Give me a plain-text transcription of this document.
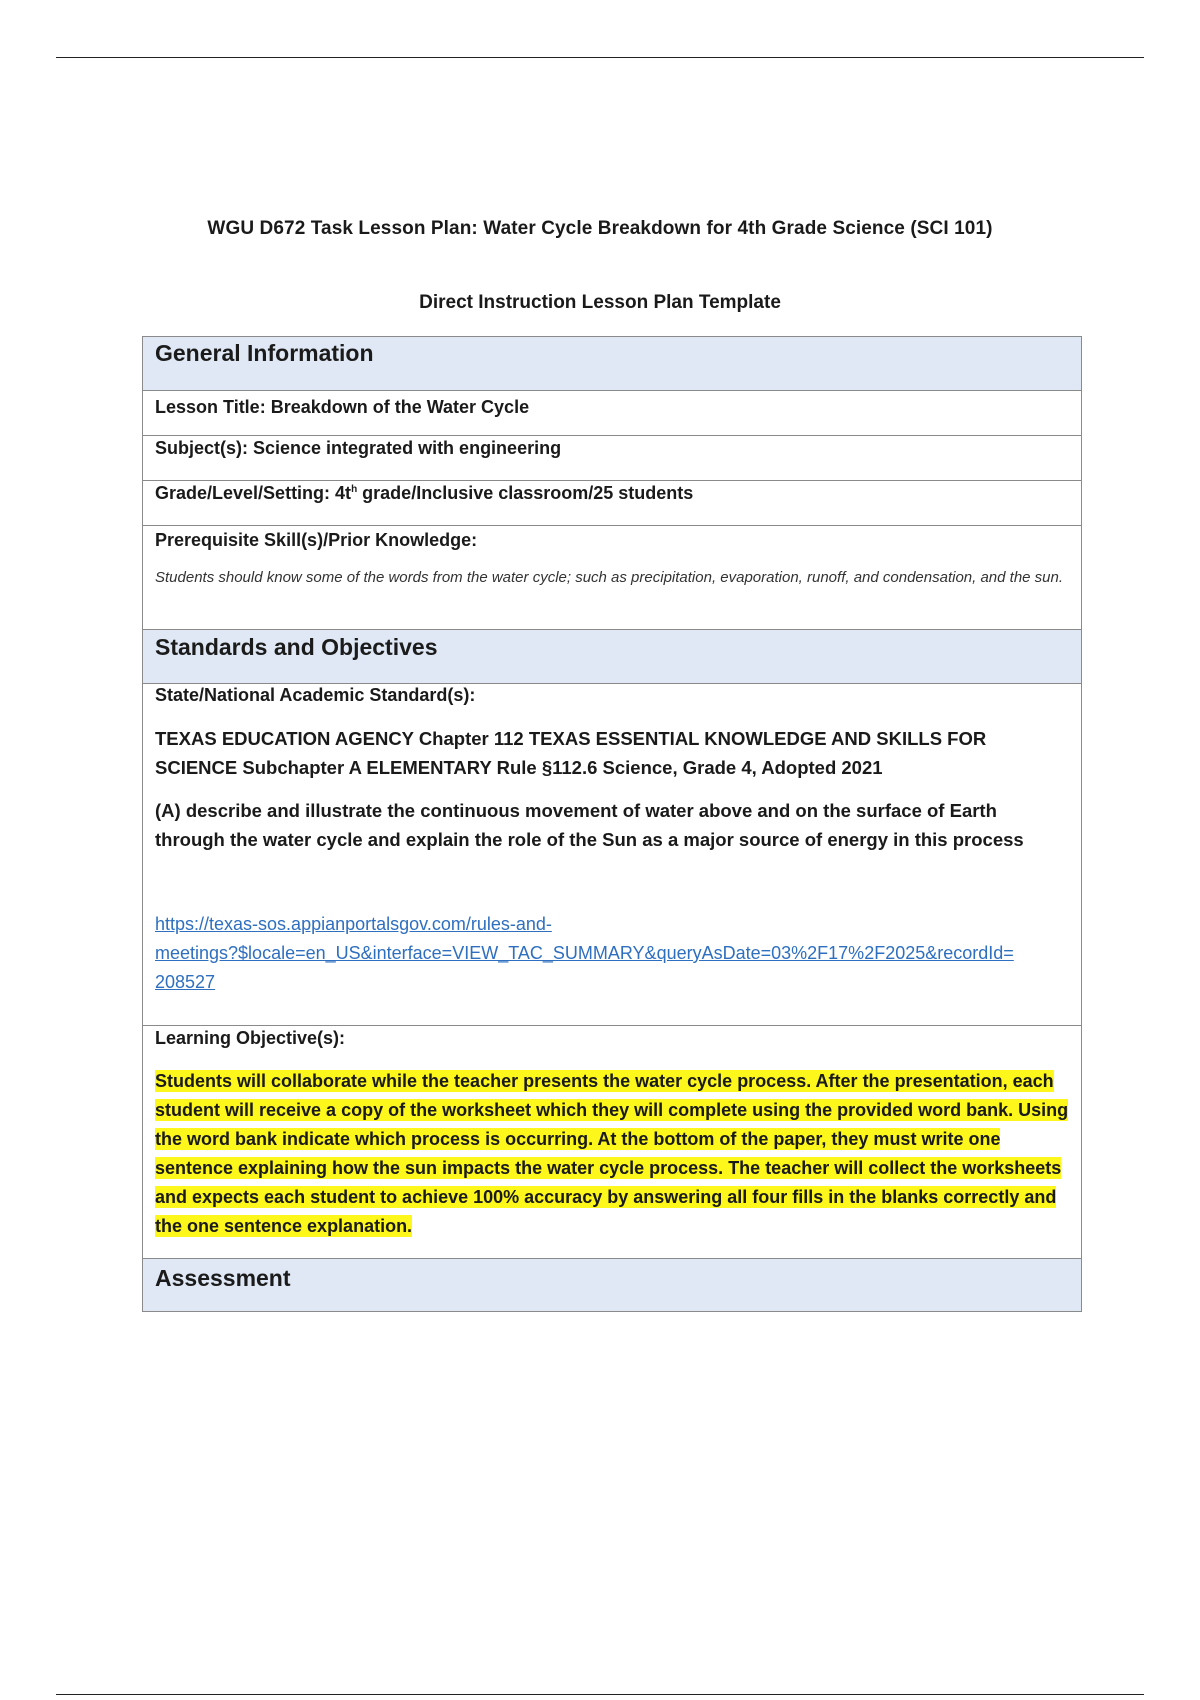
WGU D672 Task Lesson Plan: Water Cycle Breakdown for 4th Grade Science (SCI 101)
Direct Instruction Lesson Plan Template
General Information
Lesson Title: Breakdown of the Water Cycle
Subject(s): Science integrated with engineering
Grade/Level/Setting: $4t^h$ grade/Inclusive classroom/25 students
Prerequisite Skill(s)/Prior Knowledge:
Students should know some of the words from the water cycle; such as precipitation, evaporation, runoff, and condensation, and the sun.
Standards and Objectives
State/National Academic Standard(s):
TEXAS EDUCATION AGENCY Chapter 112 TEXAS ESSENTIAL KNOWLEDGE AND SKILLS FOR SCIENCE Subchapter A ELEMENTARY Rule §112.6 Science, Grade 4, Adopted 2021
(A) describe and illustrate the continuous movement of water above and on the surface of Earth through the water cycle and explain the role of the Sun as a major source of energy in this process
https://texas-sos.appianportalsgov.com/rules-and-
meetings?$locale=en_US&interface=VIEW_TAC_SUMMARY&queryAsDate=03%2F17%2F2025&recordId=
208527
Learning Objective(s):
Students will collaborate while the teacher presents the water cycle process. After the presentation, each student will receive a copy of the worksheet which they will complete using the provided word bank. Using the word bank indicate which process is occurring. At the bottom of the paper, they must write one sentence explaining how the sun impacts the water cycle process. The teacher will collect the worksheets and expects each student to achieve 100% accuracy by answering all four fills in the blanks correctly and the one sentence explanation.
Assessment
